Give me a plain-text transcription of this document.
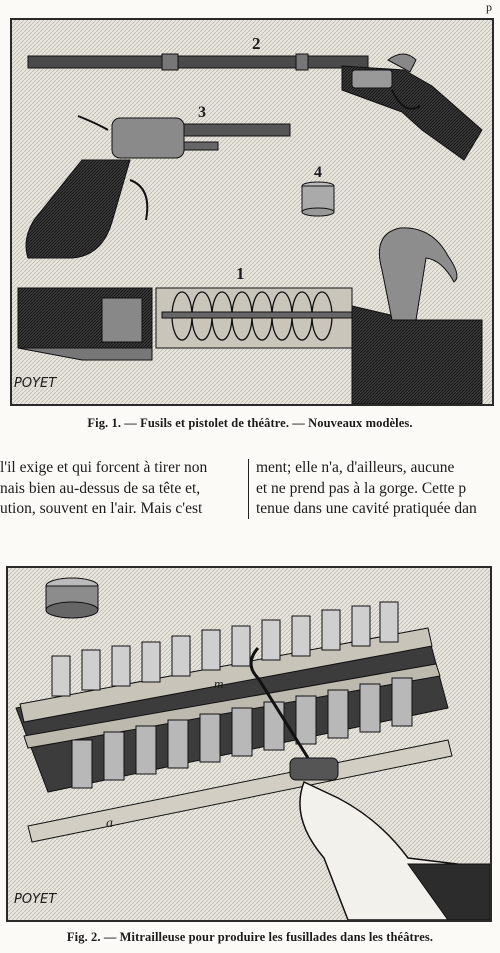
p
2
3
4
1
POYET
Fig. 1. — Fusils et pistolet de théâtre. — Nouveaux modèles.
l'il exige et qui forcent à tirer non
nais bien au-dessus de sa tête et,
ution, souvent en l'air. Mais c'est
ment; elle n'a, d'ailleurs, aucune
et ne prend pas à la gorge. Cette p
tenue dans une cavité pratiquée dan
m
a
POYET
Fig. 2. — Mitrailleuse pour produire les fusillades dans les théâtres.
